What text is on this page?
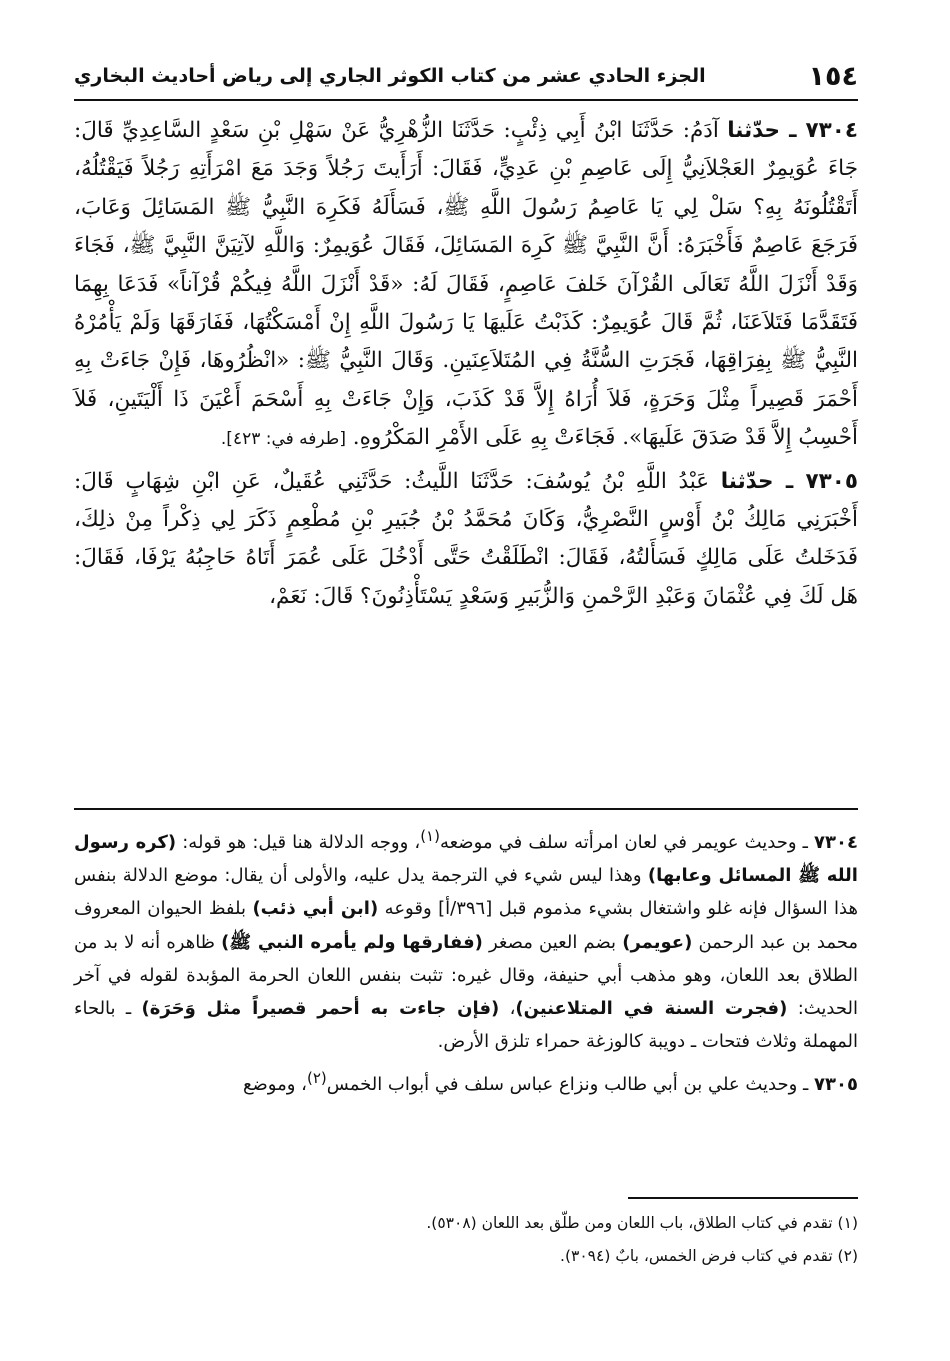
١٥٤
الجزء الحادي عشر من كتاب الكوثر الجاري إلى رياض أحاديث البخاري

٧٣٠٤ ـ حدّثنا آدَمُ: حَدَّثَنَا ابْنُ أَبِي ذِئْبٍ: حَدَّثَنَا الزُّهْرِيُّ عَنْ سَهْلِ بْنِ سَعْدٍ السَّاعِدِيِّ قَالَ: جَاءَ عُوَيمِرٌ العَجْلاَنِيُّ إِلَى عَاصِمِ بْنِ عَدِيٍّ، فَقَالَ: أَرَأَيتَ رَجُلاً وَجَدَ مَعَ امْرَأَتِهِ رَجُلاً فَيَقْتُلُهُ، أَتَقْتُلُونَهُ بِهِ؟ سَلْ لِي يَا عَاصِمُ رَسُولَ اللَّهِ ﷺ، فَسَأَلَهُ فَكَرِهَ النَّبِيُّ ﷺ المَسَائِلَ وَعَابَ، فَرَجَعَ عَاصِمٌ فَأَخْبَرَهُ: أَنَّ النَّبِيَّ ﷺ كَرِهَ المَسَائِلَ، فَقَالَ عُوَيمِرٌ: وَاللَّهِ لآتِيَنَّ النَّبِيَّ ﷺ، فَجَاءَ وَقَدْ أَنْزَلَ اللَّهُ تَعَالَى القُرْآنَ خَلفَ عَاصِمٍ، فَقَالَ لَهُ: «قَدْ أَنْزَلَ اللَّهُ فِيكُمْ قُرْآناً» فَدَعَا بِهِمَا فَتَقَدَّمَا فَتَلاَعَنَا، ثُمَّ قَالَ عُوَيمِرٌ: كَذَبْتُ عَلَيهَا يَا رَسُولَ اللَّهِ إِنْ أَمْسَكْتُهَا، فَفَارَقَهَا وَلَمْ يَأْمُرْهُ النَّبِيُّ ﷺ بِفِرَاقِهَا، فَجَرَتِ السُّنَّةُ فِي المُتَلاَعِنَينِ. وَقَالَ النَّبِيُّ ﷺ: «انْظُرُوهَا، فَإِنْ جَاءَتْ بِهِ أَحْمَرَ قَصِيراً مِثْلَ وَحَرَةٍ، فَلاَ أُرَاهُ إِلاَّ قَدْ كَذَبَ، وَإِنْ جَاءَتْ بِهِ أَسْحَمَ أَعْيَنَ ذَا أَلْيَتَينِ، فَلاَ أَحْسِبُ إِلاَّ قَدْ صَدَقَ عَلَيهَا». فَجَاءَتْ بِهِ عَلَى الأَمْرِ المَكْرُوهِ. [طرفه في: ٤٢٣].

٧٣٠٥ ـ حدّثنا عَبْدُ اللَّهِ بْنُ يُوسُفَ: حَدَّثَنَا اللَّيثُ: حَدَّثَنِي عُقَيلٌ، عَنِ ابْنِ شِهَابٍ قَالَ: أَخْبَرَنِي مَالِكُ بْنُ أَوْسٍ النَّصْرِيُّ، وَكَانَ مُحَمَّدُ بْنُ جُبَيرِ بْنِ مُطْعِمٍ ذَكَرَ لِي ذِكْراً مِنْ ذلِكَ، فَدَخَلتُ عَلَى مَالِكٍ فَسَأَلتُهُ، فَقَالَ: انْطَلَقْتُ حَتَّى أَدْخُلَ عَلَى عُمَرَ أَتَاهُ حَاجِبُهُ يَرْفَا، فَقَالَ: هَل لَكَ فِي عُثْمَانَ وَعَبْدِ الرَّحْمنِ وَالزُّبَيرِ وَسَعْدٍ يَسْتَأْذِنُونَ؟ قَالَ: نَعَمْ،

٧٣٠٤ ـ وحديث عويمر في لعان امرأته سلف في موضعه$^{(١)}$، ووجه الدلالة هنا قيل: هو قوله: (كره رسول الله ﷺ المسائل وعابها) وهذا ليس شيء في الترجمة يدل عليه، والأولى أن يقال: موضع الدلالة بنفس هذا السؤال فإنه غلو واشتغال بشيء مذموم قبل [٣٩٦/أ] وقوعه (ابن أبي ذئب) بلفظ الحيوان المعروف محمد بن عبد الرحمن (عويمر) بضم العين مصغر (ففارقها ولم يأمره النبي ﷺ) ظاهره أنه لا بد من الطلاق بعد اللعان، وهو مذهب أبي حنيفة، وقال غيره: تثبت بنفس اللعان الحرمة المؤبدة لقوله في آخر الحديث: (فجرت السنة في المتلاعنين)، (فإن جاءت به أحمر قصيراً مثل وَحَرَة) ـ بالحاء المهملة وثلاث فتحات ـ دويبة كالوزغة حمراء تلزق الأرض.

٧٣٠٥ ـ وحديث علي بن أبي طالب ونزاع عباس سلف في أبواب الخمس$^{(٢)}$، وموضع

(١) تقدم في كتاب الطلاق، باب اللعان ومن طلّق بعد اللعان (٥٣٠٨).

(٢) تقدم في كتاب فرض الخمس، بابٌ (٣٠٩٤).
